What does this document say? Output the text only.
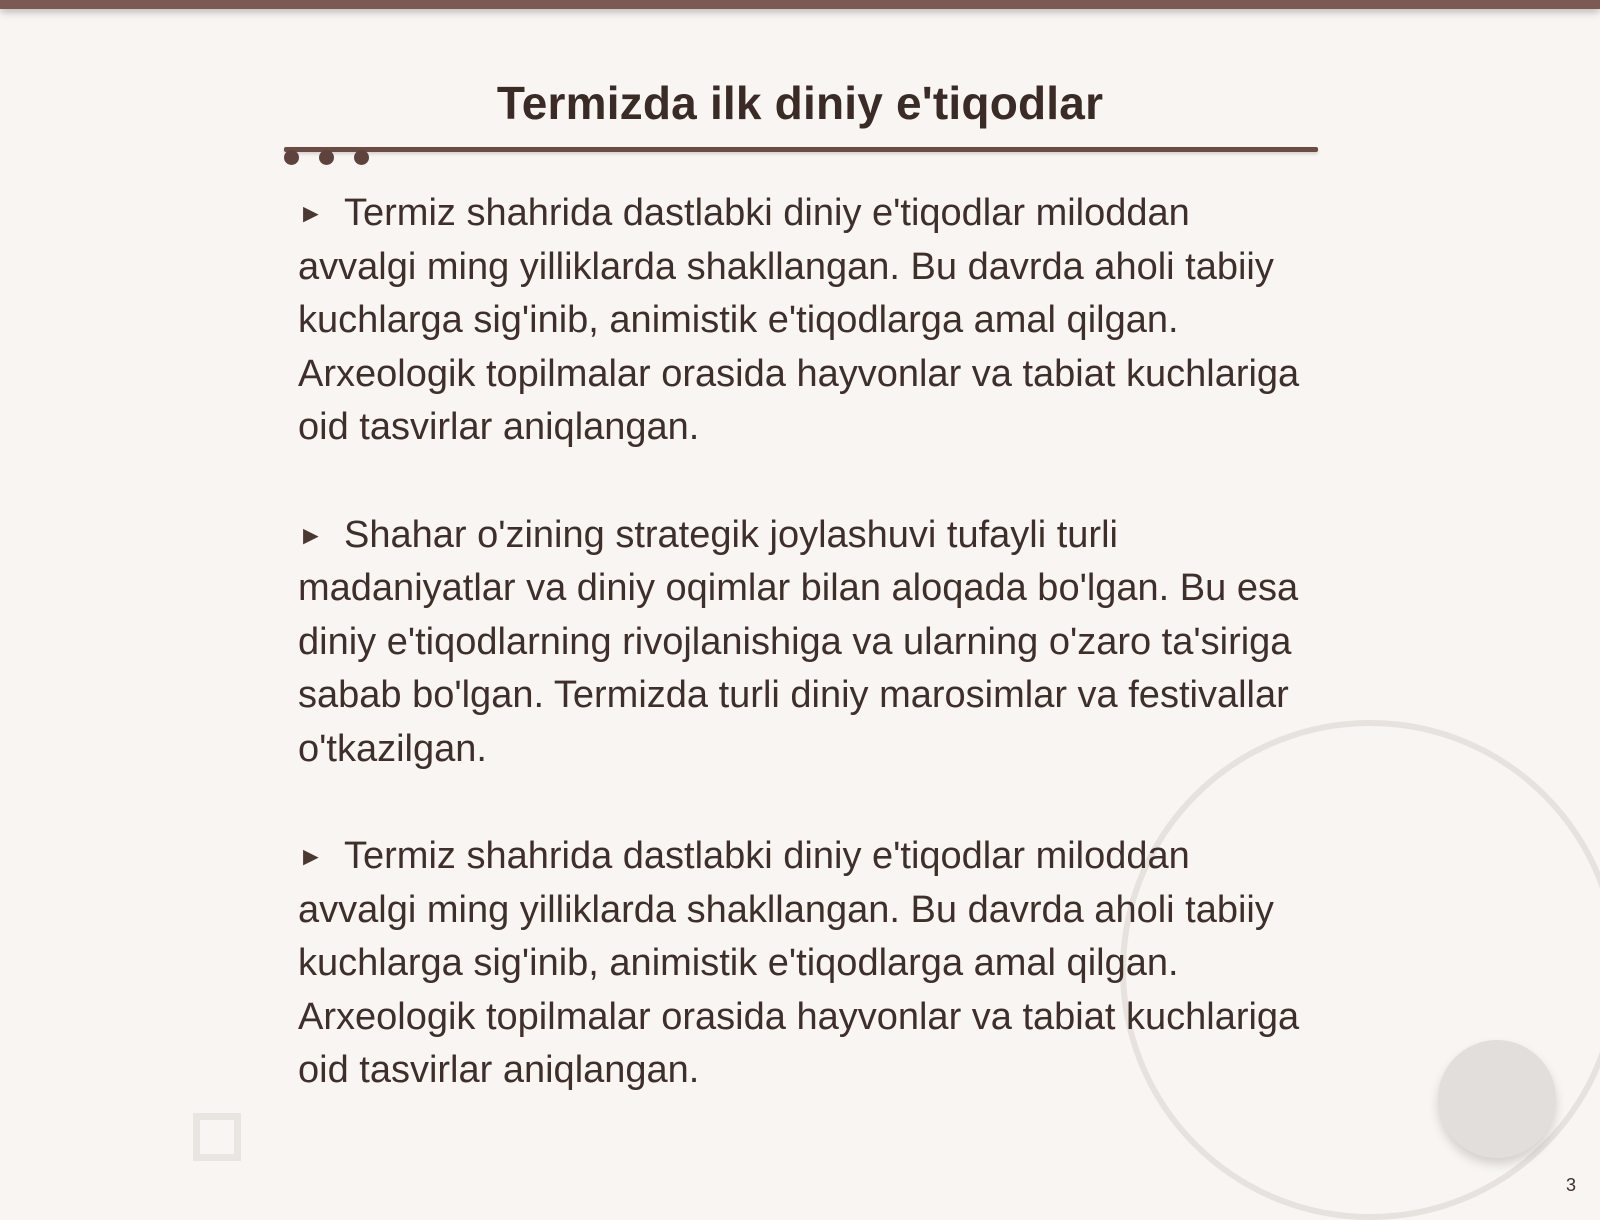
Termizda ilk diniy e'tiqodlar

► Termiz shahrida dastlabki diniy e'tiqodlar miloddan avvalgi ming yilliklarda shakllangan. Bu davrda aholi tabiiy kuchlarga sig'inib, animistik e'tiqodlarga amal qilgan. Arxeologik topilmalar orasida hayvonlar va tabiat kuchlariga oid tasvirlar aniqlangan.

► Shahar o'zining strategik joylashuvi tufayli turli madaniyatlar va diniy oqimlar bilan aloqada bo'lgan. Bu esa diniy e'tiqodlarning rivojlanishiga va ularning o'zaro ta'siriga sabab bo'lgan. Termizda turli diniy marosimlar va festivallar o'tkazilgan.

► Termiz shahrida dastlabki diniy e'tiqodlar miloddan avvalgi ming yilliklarda shakllangan. Bu davrda aholi tabiiy kuchlarga sig'inib, animistik e'tiqodlarga amal qilgan. Arxeologik topilmalar orasida hayvonlar va tabiat kuchlariga oid tasvirlar aniqlangan.

3
